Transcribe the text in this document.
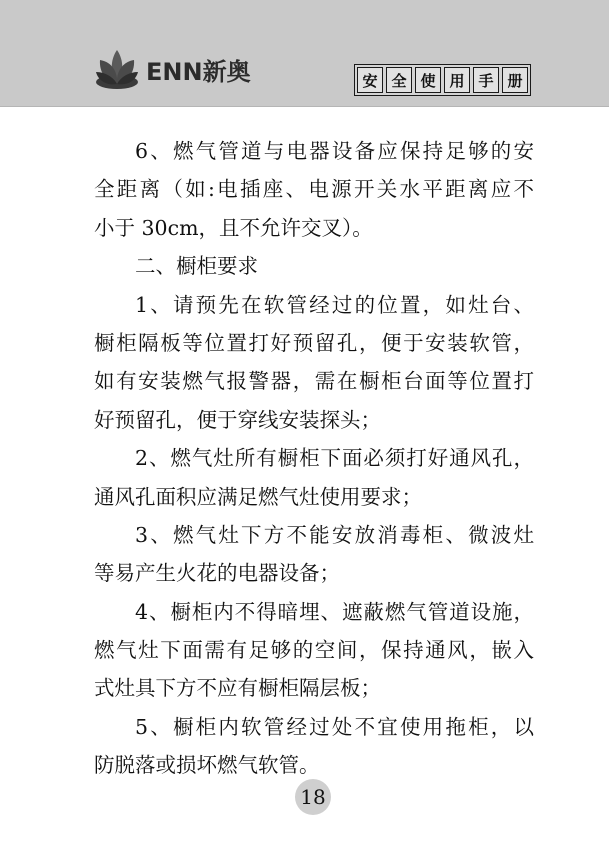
ENN新奥	安 全 使 用 手 册
6、燃气管道与电器设备应保持足够的安
全距离（如:电插座、电源开关水平距离应不
小于 30cm，且不允许交叉）。
二、橱柜要求
1、请预先在软管经过的位置，如灶台、
橱柜隔板等位置打好预留孔，便于安装软管，
如有安装燃气报警器，需在橱柜台面等位置打
好预留孔，便于穿线安装探头；
2、燃气灶所有橱柜下面必须打好通风孔，
通风孔面积应满足燃气灶使用要求；
3、燃气灶下方不能安放消毒柜、微波灶
等易产生火花的电器设备；
4、橱柜内不得暗埋、遮蔽燃气管道设施，
燃气灶下面需有足够的空间，保持通风，嵌入
式灶具下方不应有橱柜隔层板；
5、橱柜内软管经过处不宜使用拖柜，以
防脱落或损坏燃气软管。
18
